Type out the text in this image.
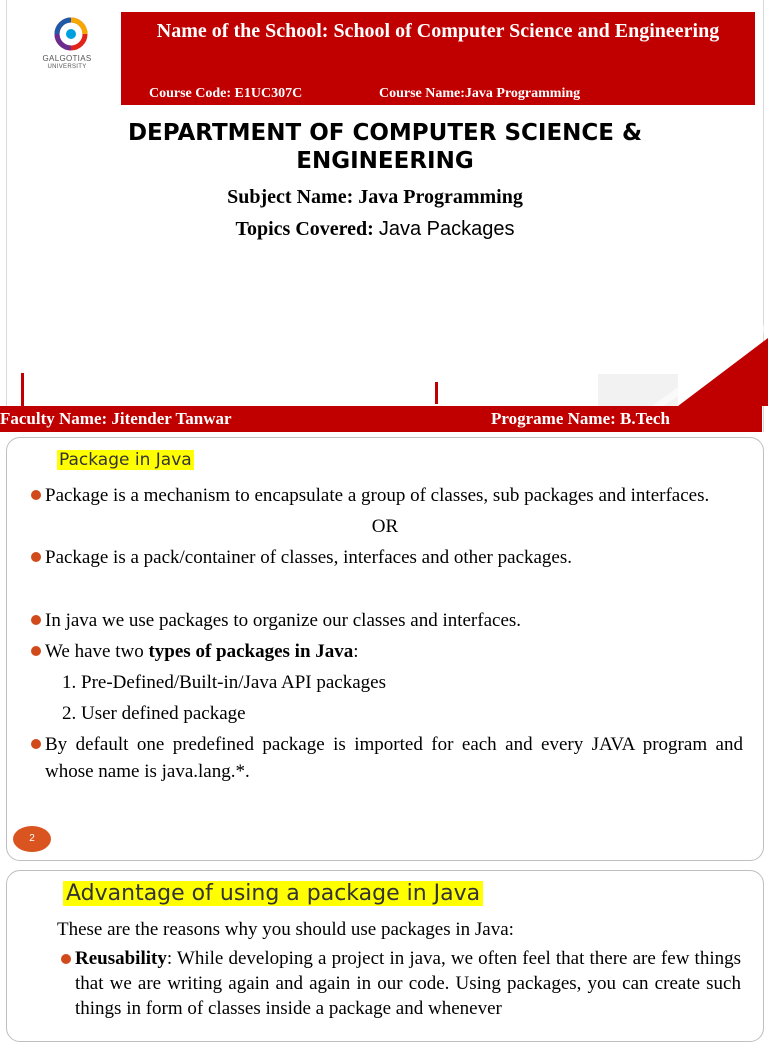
GALGOTIAS
UNIVERSITY
Name of the School: School of Computer Science and Engineering
Course Code: E1UC307C	Course Name:Java Programming
DEPARTMENT OF COMPUTER SCIENCE & ENGINEERING
Subject Name: Java Programming
Topics Covered: Java Packages
Faculty Name: Jitender Tanwar	Programe Name: B.Tech
Package in Java
Package is a mechanism to encapsulate a group of classes, sub packages and interfaces.
OR
Package is a pack/container of classes, interfaces and other packages.
In java we use packages to organize our classes and interfaces.
We have two types of packages in Java:
1. Pre-Defined/Built-in/Java API packages
2. User defined package
By default one predefined package is imported for each and every JAVA program and whose name is java.lang.*.
2
Advantage of using a package in Java
These are the reasons why you should use packages in Java:
Reusability: While developing a project in java, we often feel that there are few things that we are writing again and again in our code. Using packages, you can create such things in form of classes inside a package and whenever
